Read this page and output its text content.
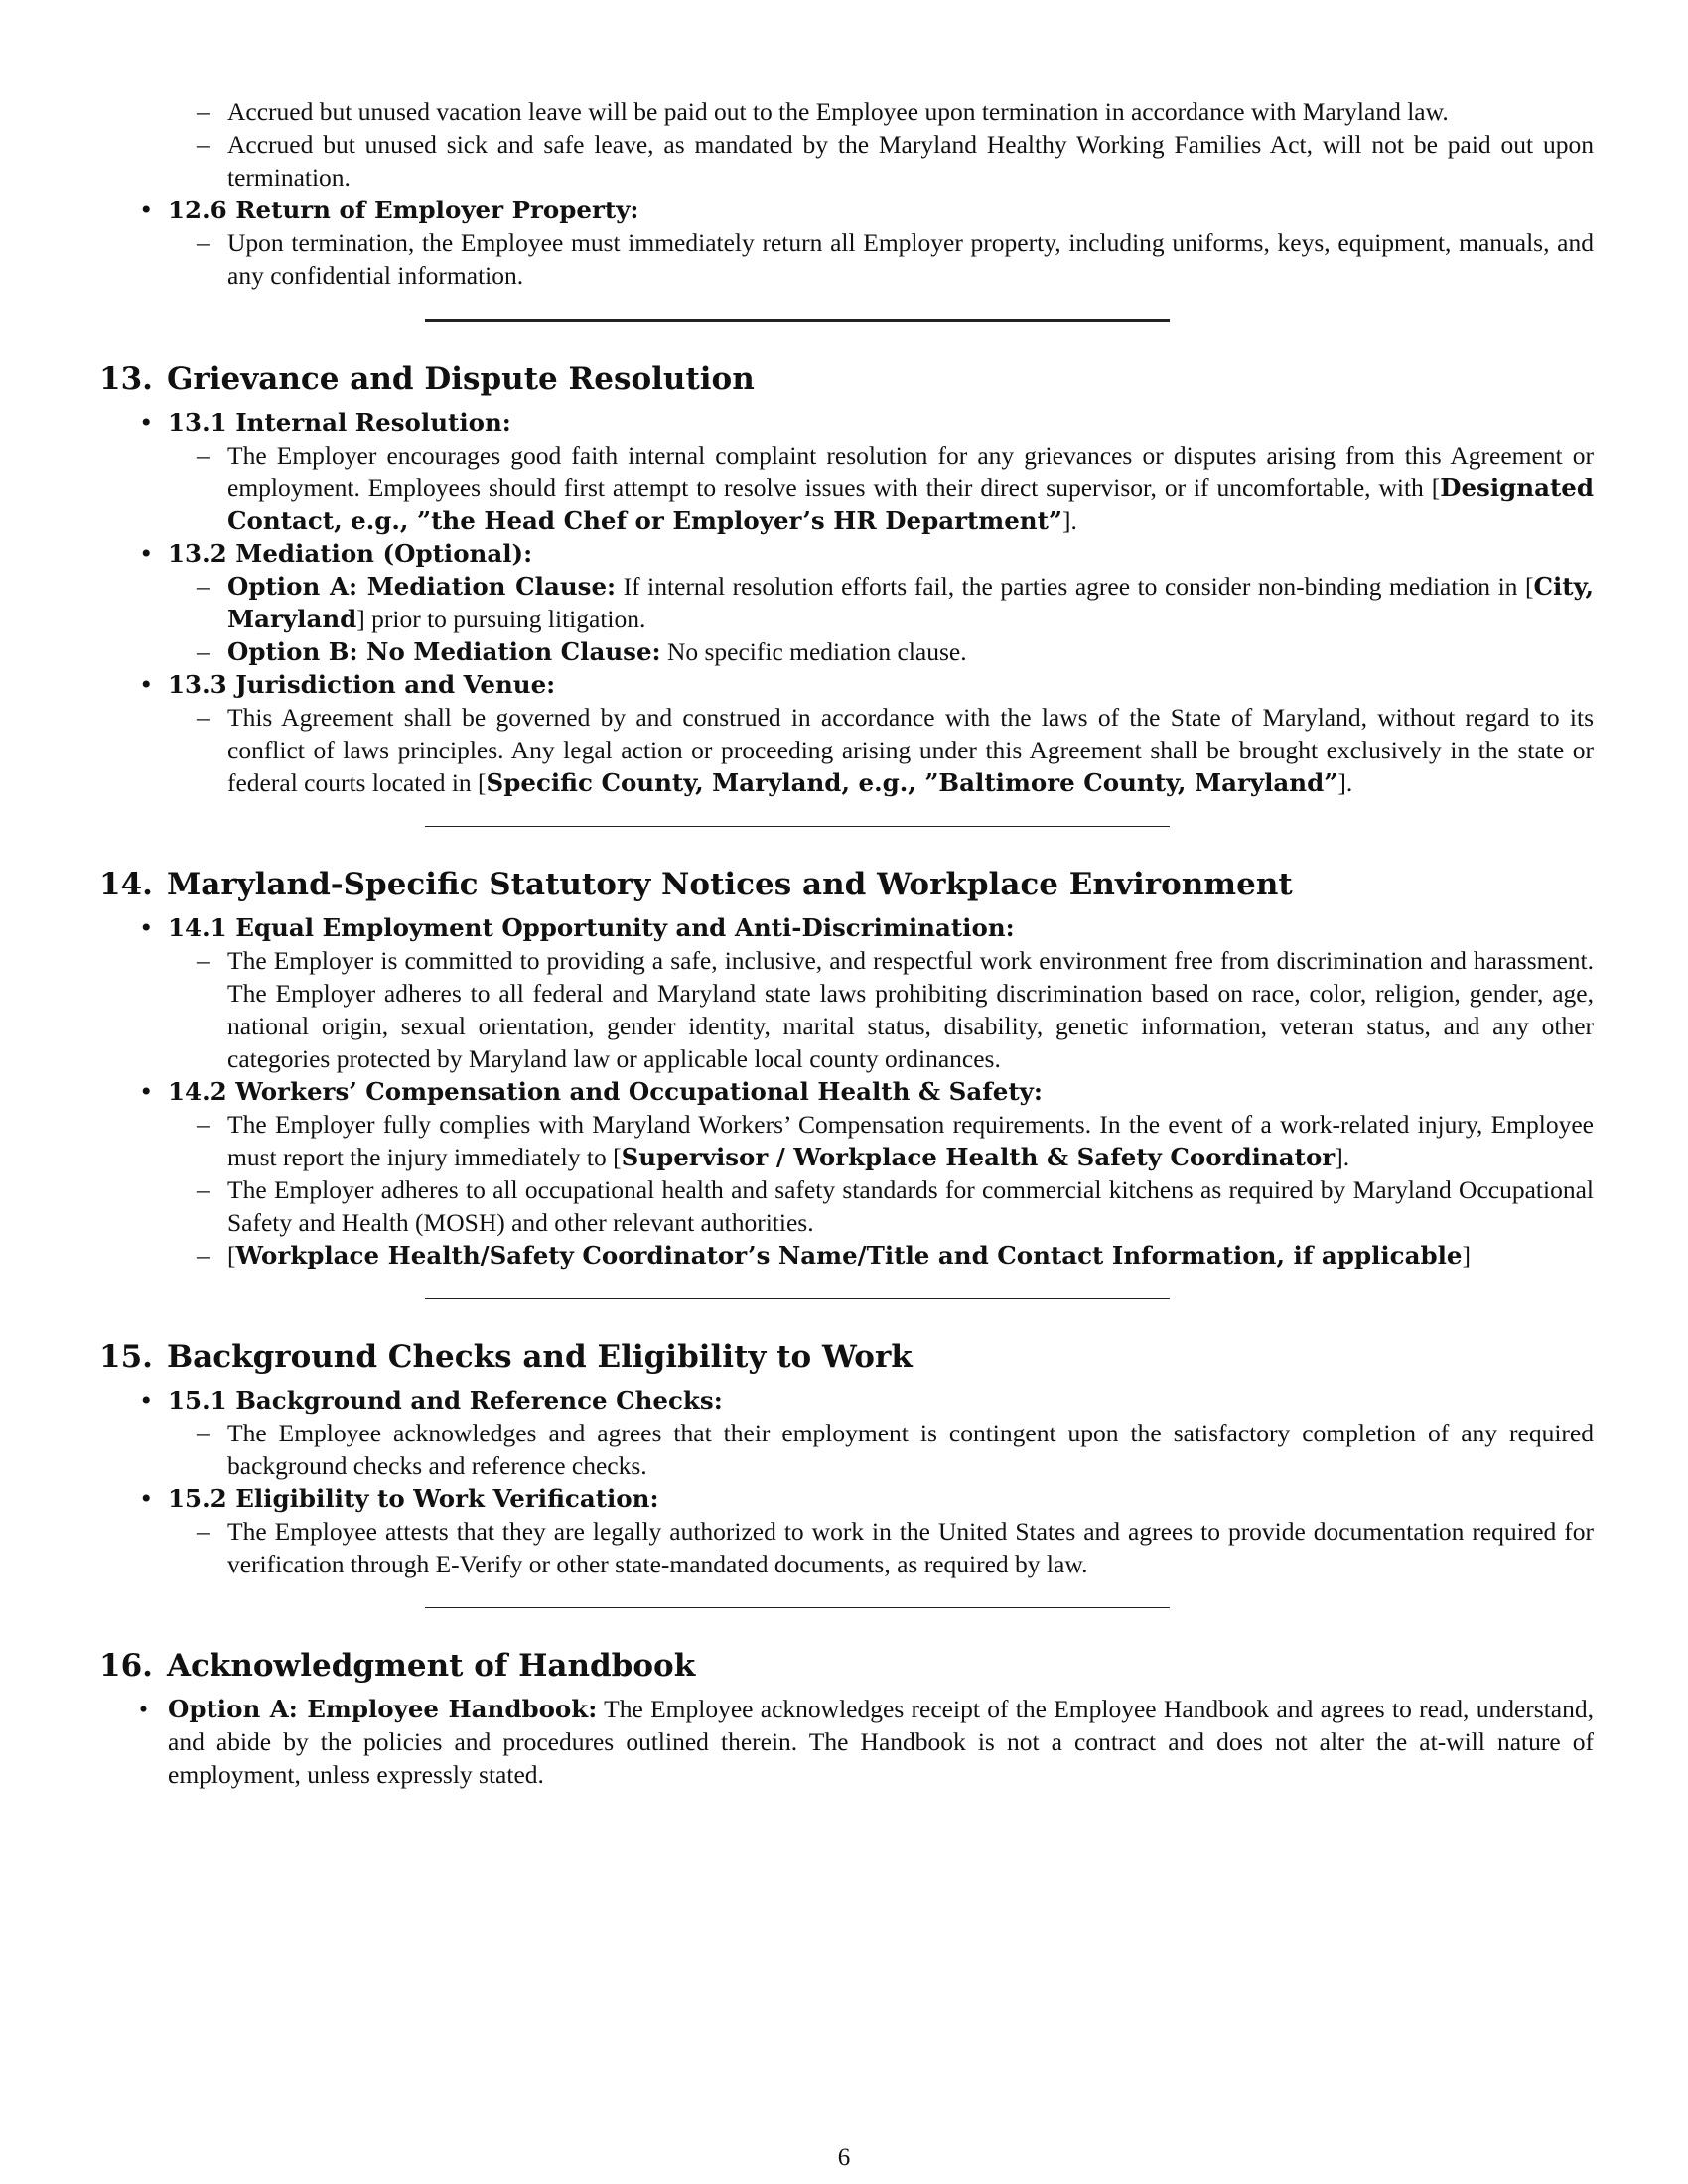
– Accrued but unused vacation leave will be paid out to the Employee upon termination in accordance with Maryland law.
– Accrued but unused sick and safe leave, as mandated by the Maryland Healthy Working Families Act, will not be paid out upon termination.
• 12.6 Return of Employer Property:
– Upon termination, the Employee must immediately return all Employer property, including uniforms, keys, equipment, manuals, and any confidential information.
13. Grievance and Dispute Resolution
• 13.1 Internal Resolution:
– The Employer encourages good faith internal complaint resolution for any grievances or disputes arising from this Agreement or employment. Employees should first attempt to resolve issues with their direct supervisor, or if uncomfortable, with [Designated Contact, e.g., ”the Head Chef or Employer’s HR Department”].
• 13.2 Mediation (Optional):
– Option A: Mediation Clause: If internal resolution efforts fail, the parties agree to consider non-binding mediation in [City, Maryland] prior to pursuing litigation.
– Option B: No Mediation Clause: No specific mediation clause.
• 13.3 Jurisdiction and Venue:
– This Agreement shall be governed by and construed in accordance with the laws of the State of Maryland, without regard to its conflict of laws principles. Any legal action or proceeding arising under this Agreement shall be brought exclusively in the state or federal courts located in [Specific County, Maryland, e.g., ”Baltimore County, Maryland”].
14. Maryland-Specific Statutory Notices and Workplace Environment
• 14.1 Equal Employment Opportunity and Anti-Discrimination:
– The Employer is committed to providing a safe, inclusive, and respectful work environment free from discrimination and harassment. The Employer adheres to all federal and Maryland state laws prohibiting discrimination based on race, color, religion, gender, age, national origin, sexual orientation, gender identity, marital status, disability, genetic information, veteran status, and any other categories protected by Maryland law or applicable local county ordinances.
• 14.2 Workers’ Compensation and Occupational Health & Safety:
– The Employer fully complies with Maryland Workers’ Compensation requirements. In the event of a work-related injury, Employee must report the injury immediately to [Supervisor / Workplace Health & Safety Coordinator].
– The Employer adheres to all occupational health and safety standards for commercial kitchens as required by Maryland Occupational Safety and Health (MOSH) and other relevant authorities.
– [Workplace Health/Safety Coordinator’s Name/Title and Contact Information, if applicable]
15. Background Checks and Eligibility to Work
• 15.1 Background and Reference Checks:
– The Employee acknowledges and agrees that their employment is contingent upon the satisfactory completion of any required background checks and reference checks.
• 15.2 Eligibility to Work Verification:
– The Employee attests that they are legally authorized to work in the United States and agrees to provide documentation required for verification through E-Verify or other state-mandated documents, as required by law.
16. Acknowledgment of Handbook
• Option A: Employee Handbook: The Employee acknowledges receipt of the Employee Handbook and agrees to read, understand, and abide by the policies and procedures outlined therein. The Handbook is not a contract and does not alter the at-will nature of employment, unless expressly stated.
6
